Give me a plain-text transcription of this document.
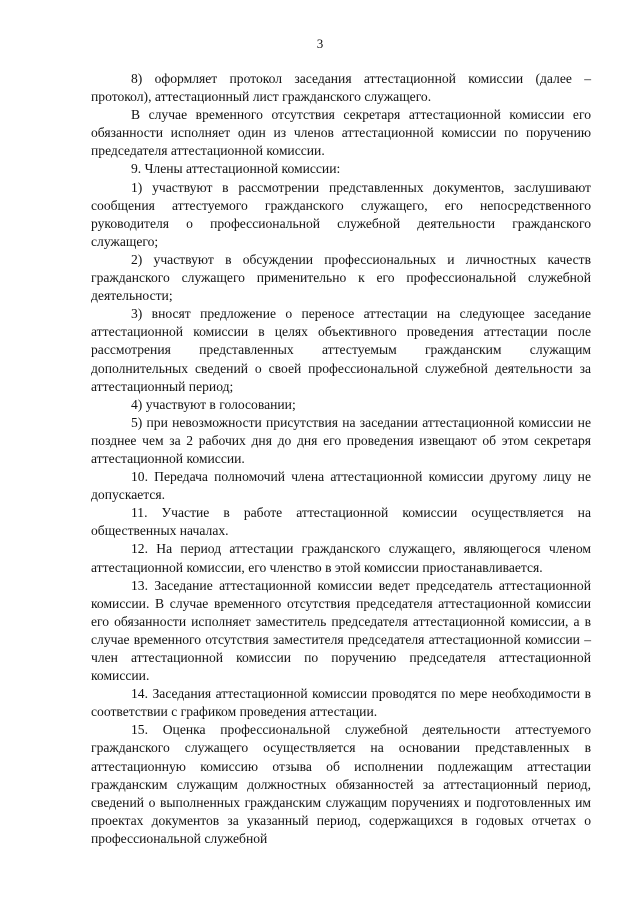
3

8) оформляет протокол заседания аттестационной комиссии (далее – протокол), аттестационный лист гражданского служащего.

В случае временного отсутствия секретаря аттестационной комиссии его обязанности исполняет один из членов аттестационной комиссии по поручению председателя аттестационной комиссии.

9. Члены аттестационной комиссии:

1) участвуют в рассмотрении представленных документов, заслушивают сообщения аттестуемого гражданского служащего, его непосредственного руководителя о профессиональной служебной деятельности гражданского служащего;

2) участвуют в обсуждении профессиональных и личностных качеств гражданского служащего применительно к его профессиональной служебной деятельности;

3) вносят предложение о переносе аттестации на следующее заседание аттестационной комиссии в целях объективного проведения аттестации после рассмотрения представленных аттестуемым гражданским служащим дополнительных сведений о своей профессиональной служебной деятельности за аттестационный период;

4) участвуют в голосовании;

5) при невозможности присутствия на заседании аттестационной комиссии не позднее чем за 2 рабочих дня до дня его проведения извещают об этом секретаря аттестационной комиссии.

10. Передача полномочий члена аттестационной комиссии другому лицу не допускается.

11. Участие в работе аттестационной комиссии осуществляется на общественных началах.

12. На период аттестации гражданского служащего, являющегося членом аттестационной комиссии, его членство в этой комиссии приостанавливается.

13. Заседание аттестационной комиссии ведет председатель аттестационной комиссии. В случае временного отсутствия председателя аттестационной комиссии его обязанности исполняет заместитель председателя аттестационной комиссии, а в случае временного отсутствия заместителя председателя аттестационной комиссии – член аттестационной комиссии по поручению председателя аттестационной комиссии.

14. Заседания аттестационной комиссии проводятся по мере необходимости в соответствии с графиком проведения аттестации.

15. Оценка профессиональной служебной деятельности аттестуемого гражданского служащего осуществляется на основании представленных в аттестационную комиссию отзыва об исполнении подлежащим аттестации гражданским служащим должностных обязанностей за аттестационный период, сведений о выполненных гражданским служащим поручениях и подготовленных им проектах документов за указанный период, содержащихся в годовых отчетах о профессиональной служебной
